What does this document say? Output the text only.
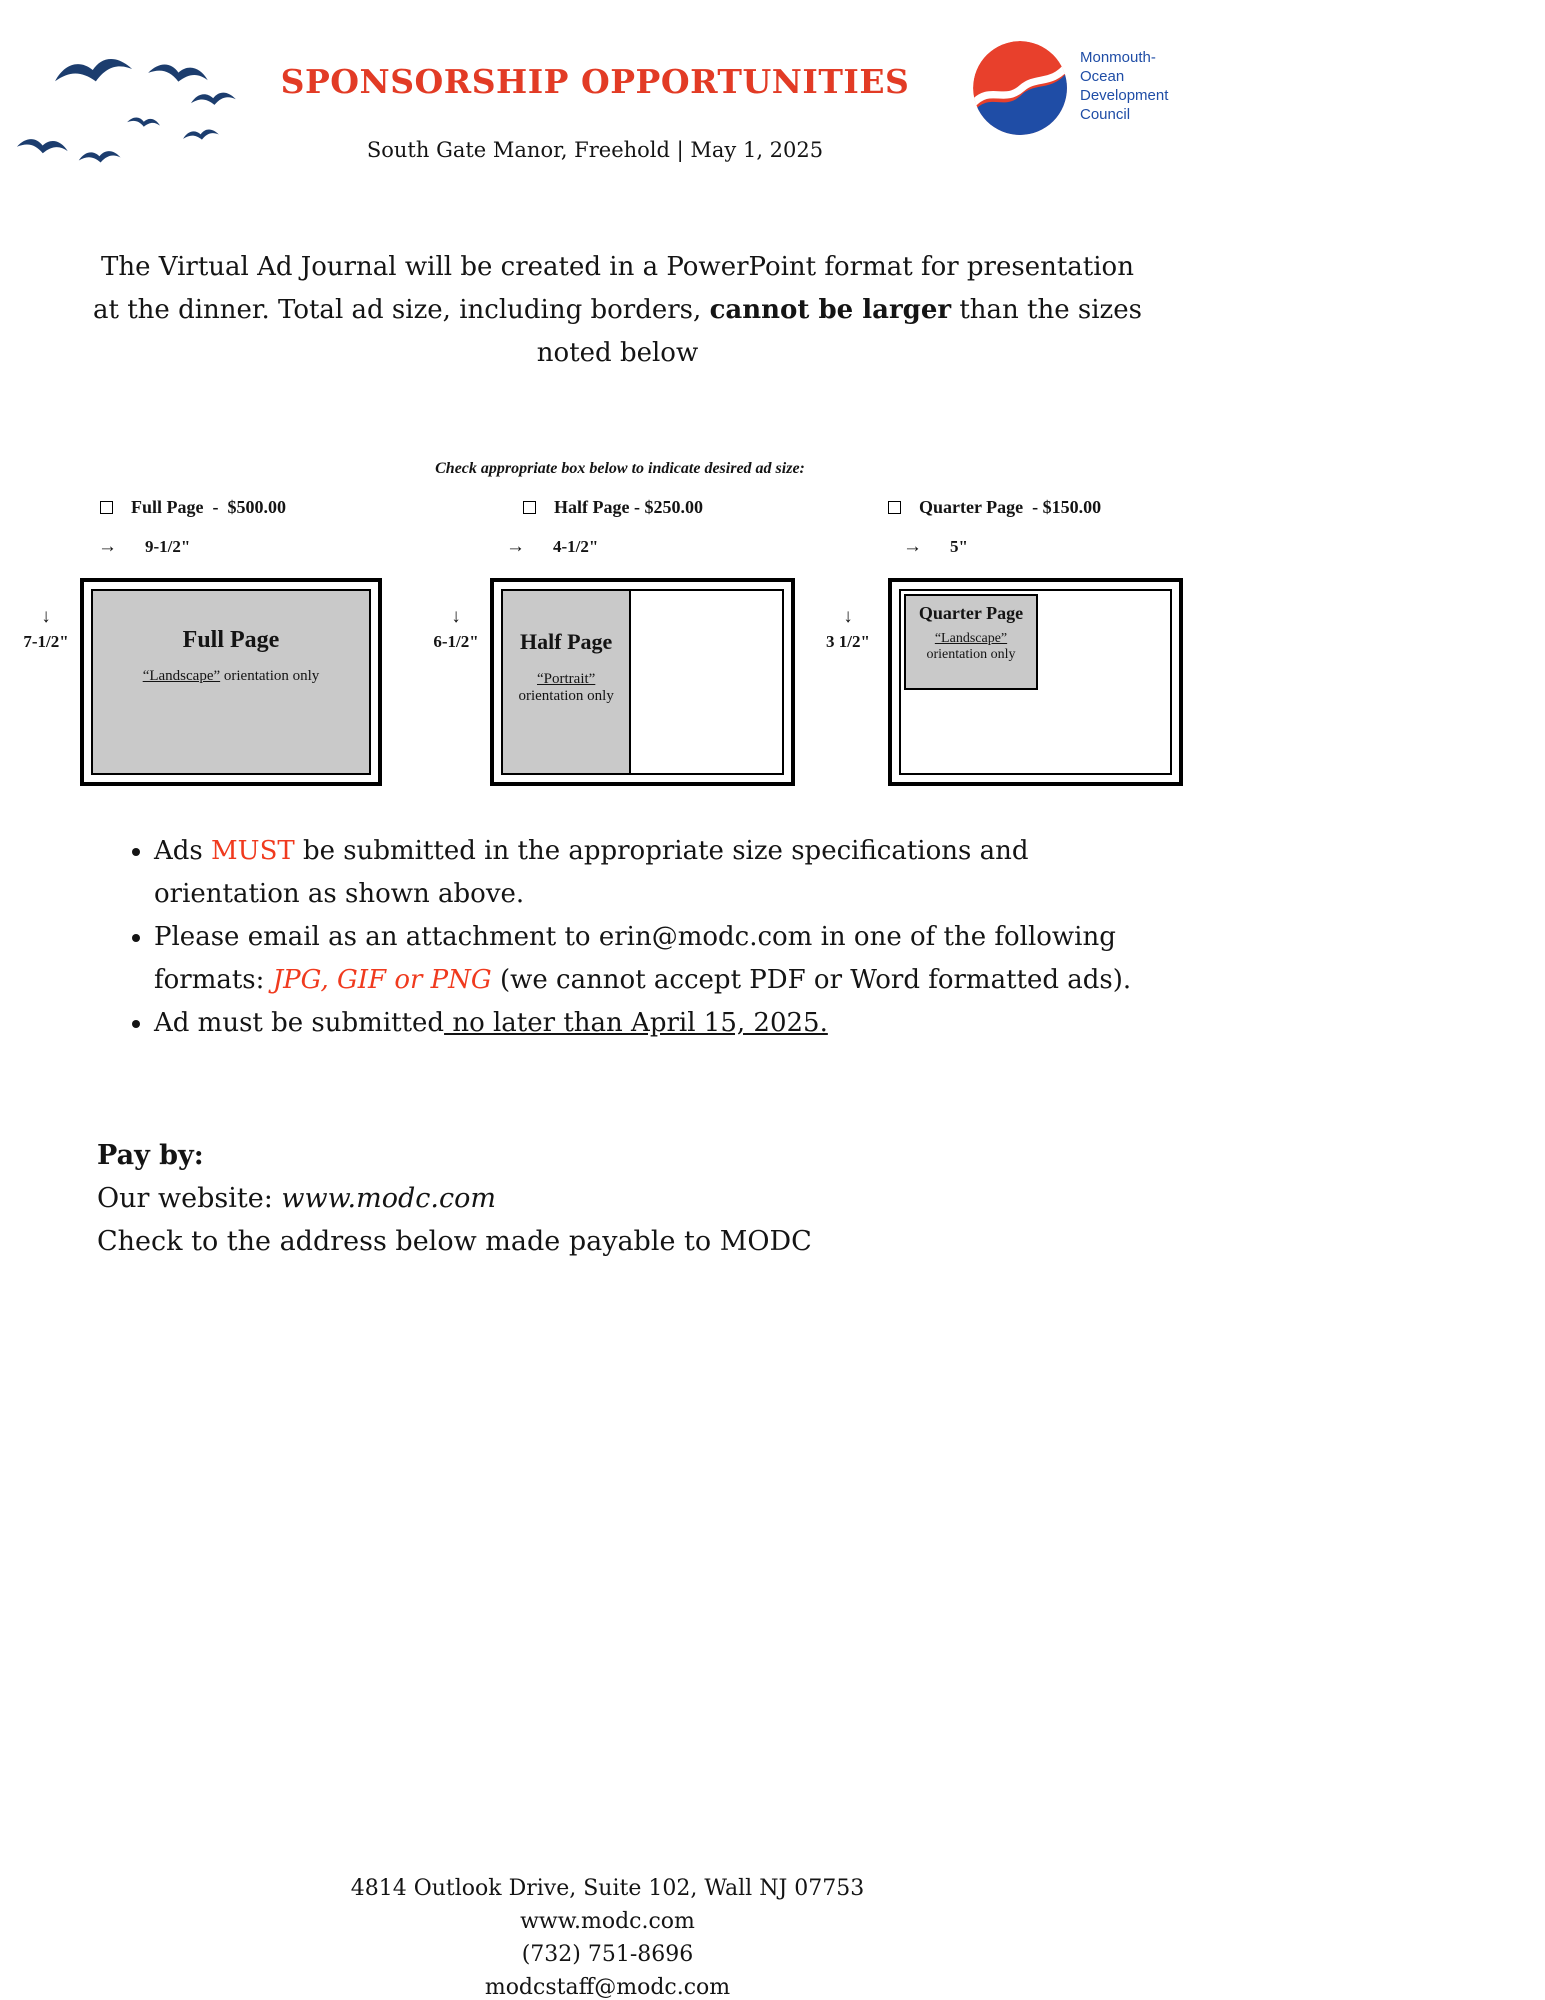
SPONSORSHIP OPPORTUNITIES
South Gate Manor, Freehold | May 1, 2025
Monmouth-
Ocean
Development
Council
The Virtual Ad Journal will be created in a PowerPoint format for presentation at the dinner. Total ad size, including borders, cannot be larger than the sizes noted below
Check appropriate box below to indicate desired ad size:
Full Page  -  $500.00	Half Page - $250.00	Quarter Page  - $150.00
→ 9-1/2"	→ 4-1/2"	→ 5"
↓
7-1/2"
↓
6-1/2"
↓
3 1/2"
Full Page
“Landscape” orientation only
Half Page
“Portrait” orientation only
Quarter Page
“Landscape” orientation only
• Ads MUST be submitted in the appropriate size specifications and orientation as shown above.
• Please email as an attachment to erin@modc.com in one of the following formats: JPG, GIF or PNG (we cannot accept PDF or Word formatted ads).
• Ad must be submitted no later than April 15, 2025.
Pay by:
Our website: www.modc.com
Check to the address below made payable to MODC
4814 Outlook Drive, Suite 102, Wall NJ 07753
www.modc.com
(732) 751-8696
modcstaff@modc.com
